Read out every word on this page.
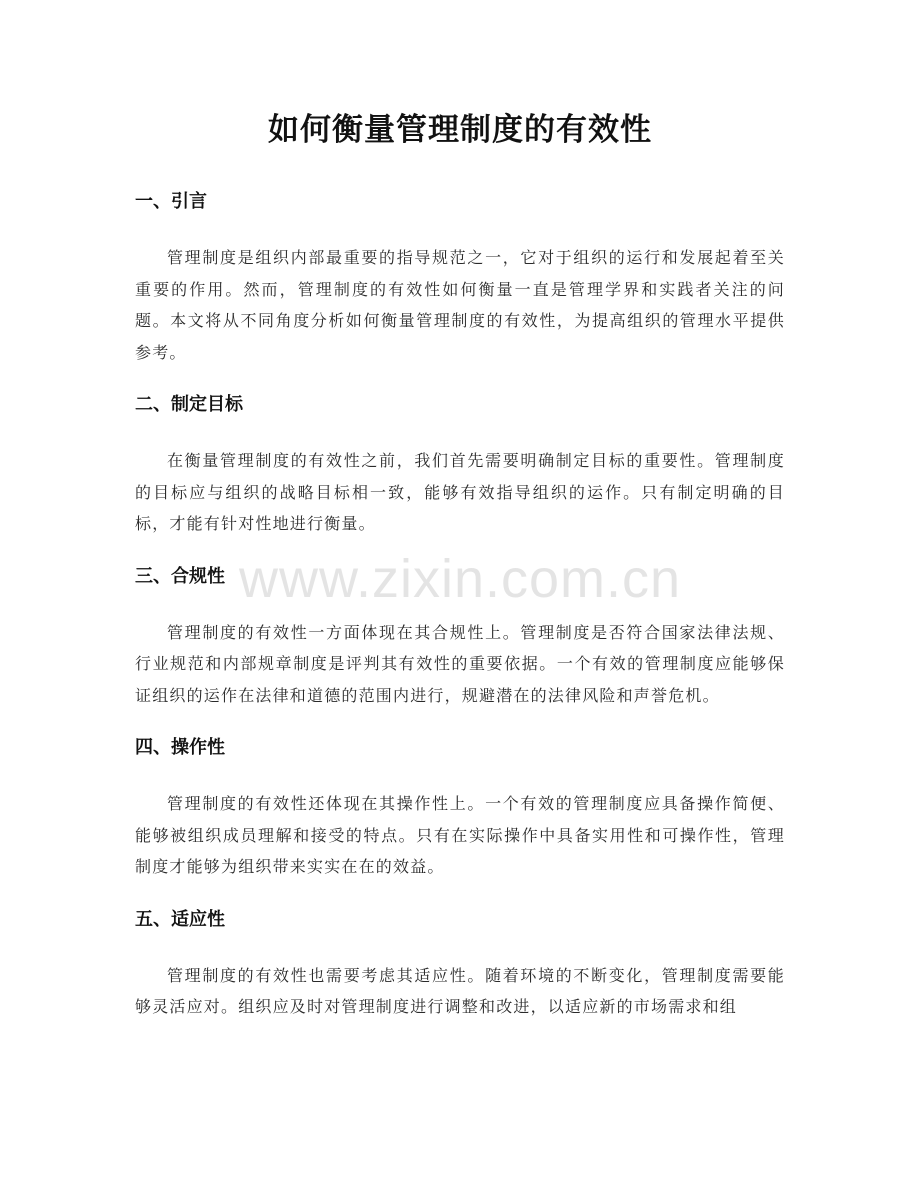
如何衡量管理制度的有效性
一、引言

管理制度是组织内部最重要的指导规范之一，它对于组织的运行和发展起着至关重要的作用。然而，管理制度的有效性如何衡量一直是管理学界和实践者关注的问题。本文将从不同角度分析如何衡量管理制度的有效性，为提高组织的管理水平提供参考。

二、制定目标

在衡量管理制度的有效性之前，我们首先需要明确制定目标的重要性。管理制度的目标应与组织的战略目标相一致，能够有效指导组织的运作。只有制定明确的目标，才能有针对性地进行衡量。

三、合规性

管理制度的有效性一方面体现在其合规性上。管理制度是否符合国家法律法规、行业规范和内部规章制度是评判其有效性的重要依据。一个有效的管理制度应能够保证组织的运作在法律和道德的范围内进行，规避潜在的法律风险和声誉危机。

四、操作性

管理制度的有效性还体现在其操作性上。一个有效的管理制度应具备操作简便、能够被组织成员理解和接受的特点。只有在实际操作中具备实用性和可操作性，管理制度才能够为组织带来实实在在的效益。

五、适应性

管理制度的有效性也需要考虑其适应性。随着环境的不断变化，管理制度需要能够灵活应对。组织应及时对管理制度进行调整和改进，以适应新的市场需求和组

www.zixin.com.cn
